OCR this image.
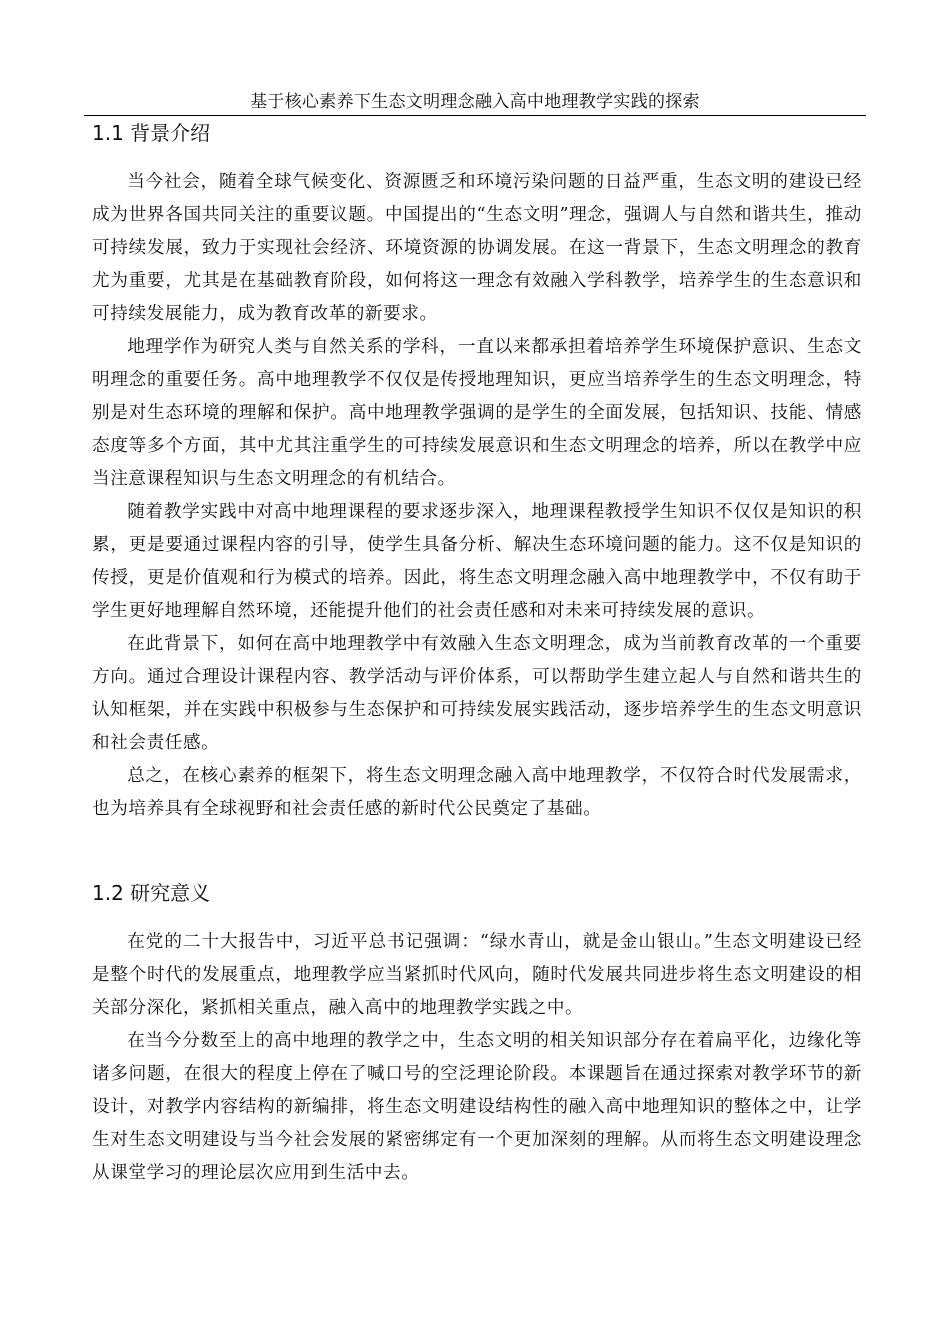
基于核心素养下生态文明理念融入高中地理教学实践的探索
1.1 背景介绍

当今社会，随着全球气候变化、资源匮乏和环境污染问题的日益严重，生态文明的建设已经成为世界各国共同关注的重要议题。中国提出的“生态文明”理念，强调人与自然和谐共生，推动可持续发展，致力于实现社会经济、环境资源的协调发展。在这一背景下，生态文明理念的教育尤为重要，尤其是在基础教育阶段，如何将这一理念有效融入学科教学，培养学生的生态意识和可持续发展能力，成为教育改革的新要求。

地理学作为研究人类与自然关系的学科，一直以来都承担着培养学生环境保护意识、生态文明理念的重要任务。高中地理教学不仅仅是传授地理知识，更应当培养学生的生态文明理念，特别是对生态环境的理解和保护。高中地理教学强调的是学生的全面发展，包括知识、技能、情感态度等多个方面，其中尤其注重学生的可持续发展意识和生态文明理念的培养，所以在教学中应当注意课程知识与生态文明理念的有机结合。

随着教学实践中对高中地理课程的要求逐步深入，地理课程教授学生知识不仅仅是知识的积累，更是要通过课程内容的引导，使学生具备分析、解决生态环境问题的能力。这不仅是知识的传授，更是价值观和行为模式的培养。因此，将生态文明理念融入高中地理教学中，不仅有助于学生更好地理解自然环境，还能提升他们的社会责任感和对未来可持续发展的意识。

在此背景下，如何在高中地理教学中有效融入生态文明理念，成为当前教育改革的一个重要方向。通过合理设计课程内容、教学活动与评价体系，可以帮助学生建立起人与自然和谐共生的认知框架，并在实践中积极参与生态保护和可持续发展实践活动，逐步培养学生的生态文明意识和社会责任感。

总之，在核心素养的框架下，将生态文明理念融入高中地理教学，不仅符合时代发展需求，也为培养具有全球视野和社会责任感的新时代公民奠定了基础。

1.2 研究意义

在党的二十大报告中，习近平总书记强调：“绿水青山，就是金山银山。”生态文明建设已经是整个时代的发展重点，地理教学应当紧抓时代风向，随时代发展共同进步将生态文明建设的相关部分深化，紧抓相关重点，融入高中的地理教学实践之中。

在当今分数至上的高中地理的教学之中，生态文明的相关知识部分存在着扁平化，边缘化等诸多问题，在很大的程度上停在了喊口号的空泛理论阶段。本课题旨在通过探索对教学环节的新设计，对教学内容结构的新编排，将生态文明建设结构性的融入高中地理知识的整体之中，让学生对生态文明建设与当今社会发展的紧密绑定有一个更加深刻的理解。从而将生态文明建设理念从课堂学习的理论层次应用到生活中去。
